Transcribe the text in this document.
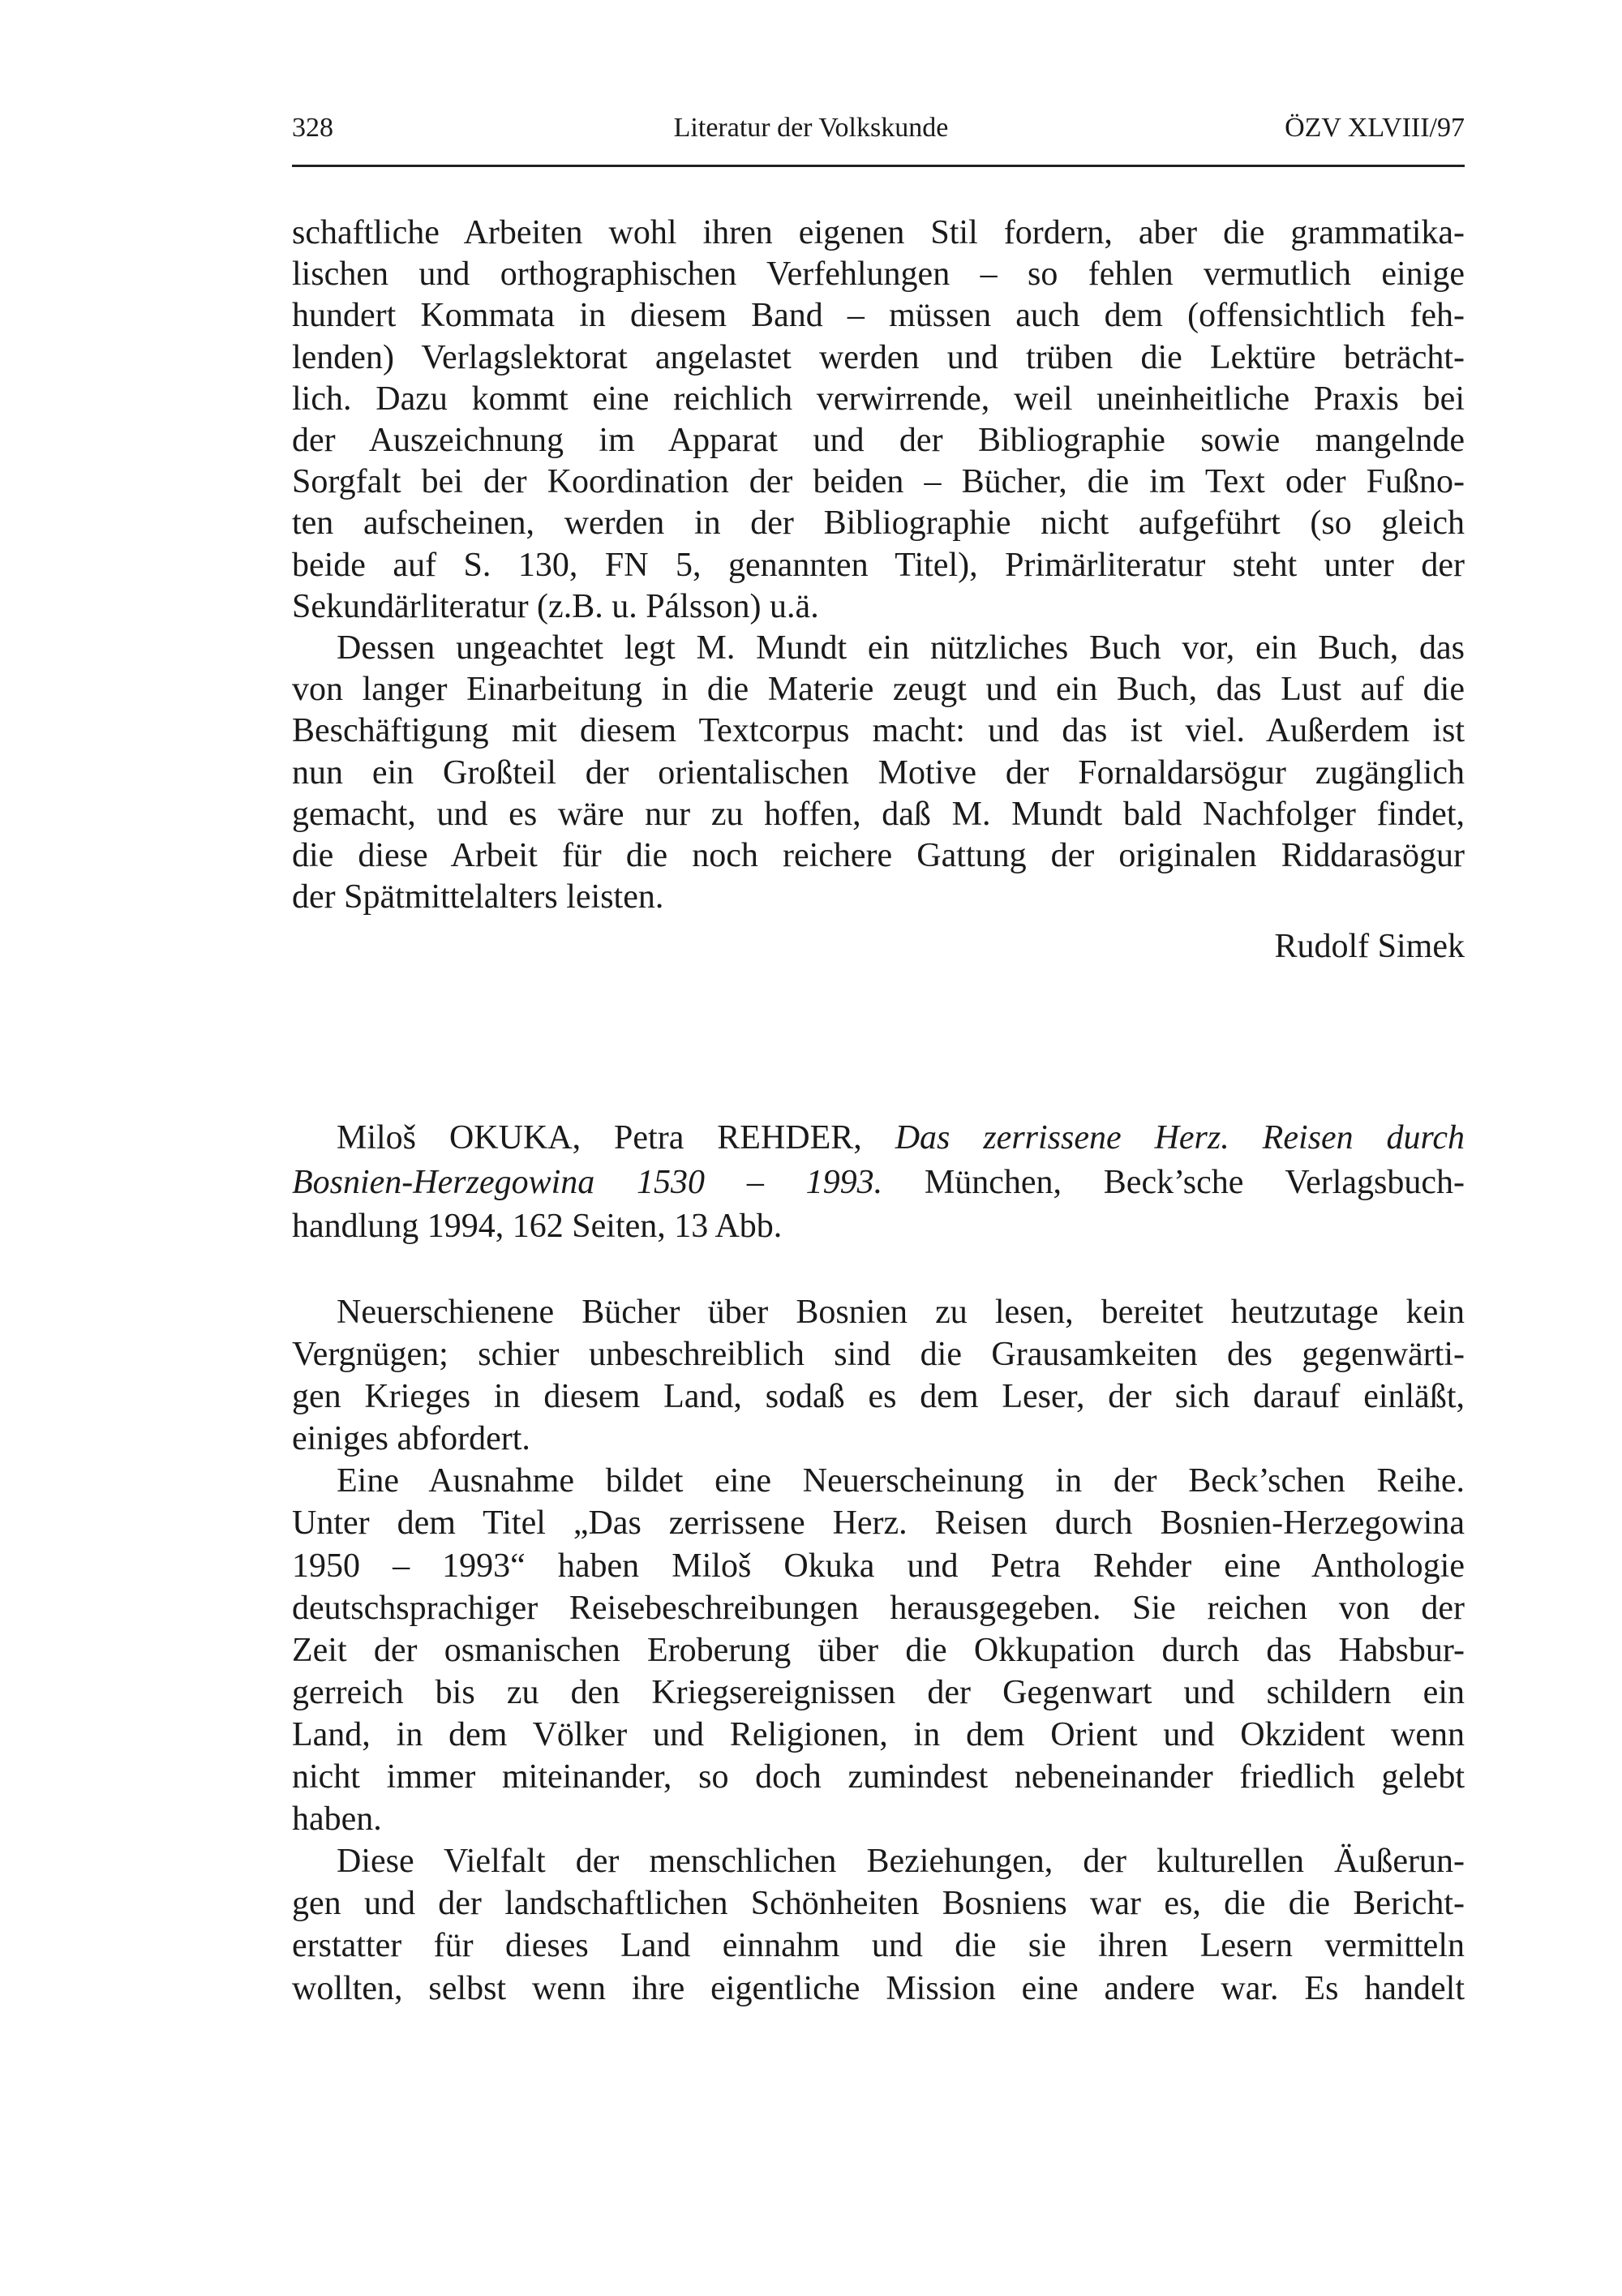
328	Literatur der Volkskunde	ÖZV XLVIII/97
schaftliche Arbeiten wohl ihren eigenen Stil fordern, aber die grammatika-
lischen und orthographischen Verfehlungen – so fehlen vermutlich einige
hundert Kommata in diesem Band – müssen auch dem (offensichtlich feh-
lenden) Verlagslektorat angelastet werden und trüben die Lektüre beträcht-
lich. Dazu kommt eine reichlich verwirrende, weil uneinheitliche Praxis bei
der Auszeichnung im Apparat und der Bibliographie sowie mangelnde
Sorgfalt bei der Koordination der beiden – Bücher, die im Text oder Fußno-
ten aufscheinen, werden in der Bibliographie nicht aufgeführt (so gleich
beide auf S. 130, FN 5, genannten Titel), Primärliteratur steht unter der
Sekundärliteratur (z.B. u. Pálsson) u.ä.
Dessen ungeachtet legt M. Mundt ein nützliches Buch vor, ein Buch, das
von langer Einarbeitung in die Materie zeugt und ein Buch, das Lust auf die
Beschäftigung mit diesem Textcorpus macht: und das ist viel. Außerdem ist
nun ein Großteil der orientalischen Motive der Fornaldarsögur zugänglich
gemacht, und es wäre nur zu hoffen, daß M. Mundt bald Nachfolger findet,
die diese Arbeit für die noch reichere Gattung der originalen Riddarasögur
der Spätmittelalters leisten.
Rudolf Simek
Miloš OKUKA, Petra REHDER, Das zerrissene Herz. Reisen durch
Bosnien-Herzegowina 1530 – 1993. München, Beck’sche Verlagsbuch-
handlung 1994, 162 Seiten, 13 Abb.
Neuerschienene Bücher über Bosnien zu lesen, bereitet heutzutage kein
Vergnügen; schier unbeschreiblich sind die Grausamkeiten des gegenwärti-
gen Krieges in diesem Land, sodaß es dem Leser, der sich darauf einläßt,
einiges abfordert.
Eine Ausnahme bildet eine Neuerscheinung in der Beck’schen Reihe.
Unter dem Titel „Das zerrissene Herz. Reisen durch Bosnien-Herzegowina
1950 – 1993“ haben Miloš Okuka und Petra Rehder eine Anthologie
deutschsprachiger Reisebeschreibungen herausgegeben. Sie reichen von der
Zeit der osmanischen Eroberung über die Okkupation durch das Habsbur-
gerreich bis zu den Kriegsereignissen der Gegenwart und schildern ein
Land, in dem Völker und Religionen, in dem Orient und Okzident wenn
nicht immer miteinander, so doch zumindest nebeneinander friedlich gelebt
haben.
Diese Vielfalt der menschlichen Beziehungen, der kulturellen Äußerun-
gen und der landschaftlichen Schönheiten Bosniens war es, die die Bericht-
erstatter für dieses Land einnahm und die sie ihren Lesern vermitteln
wollten, selbst wenn ihre eigentliche Mission eine andere war. Es handelt
